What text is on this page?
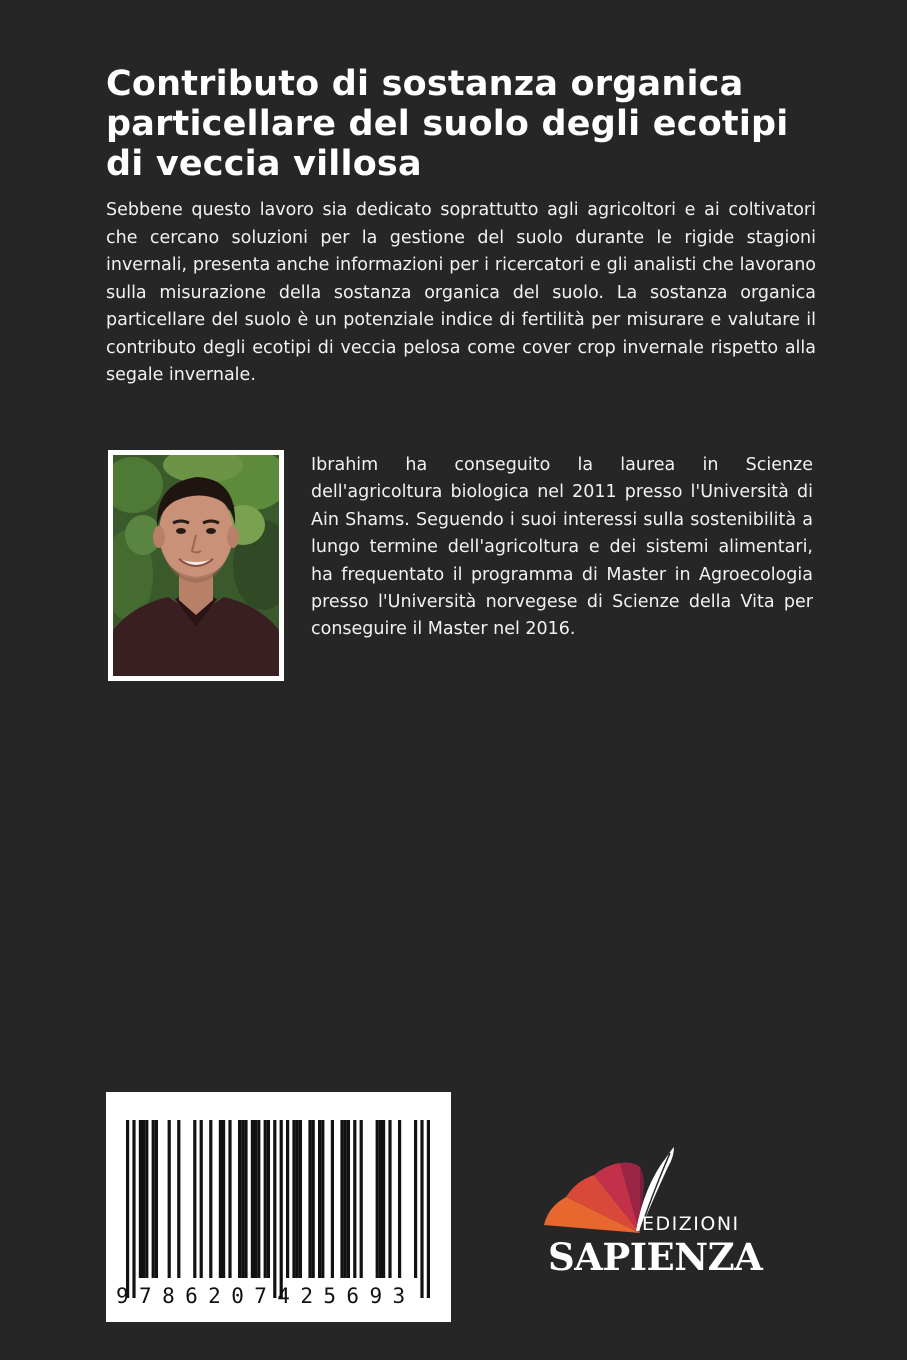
Contributo di sostanza organica particellare del suolo degli ecotipi di veccia villosa

Sebbene questo lavoro sia dedicato soprattutto agli agricoltori e ai coltivatori che cercano soluzioni per la gestione del suolo durante le rigide stagioni invernali, presenta anche informazioni per i ricercatori e gli analisti che lavorano sulla misurazione della sostanza organica del suolo. La sostanza organica particellare del suolo è un potenziale indice di fertilità per misurare e valutare il contributo degli ecotipi di veccia pelosa come cover crop invernale rispetto alla segale invernale.

Ibrahim ha conseguito la laurea in Scienze dell'agricoltura biologica nel 2011 presso l'Università di Ain Shams. Seguendo i suoi interessi sulla sostenibilità a lungo termine dell'agricoltura e dei sistemi alimentari, ha frequentato il programma di Master in Agroecologia presso l'Università norvegese di Scienze della Vita per conseguire il Master nel 2016.

9786207425693
EDIZIONI
SAPIENZA
